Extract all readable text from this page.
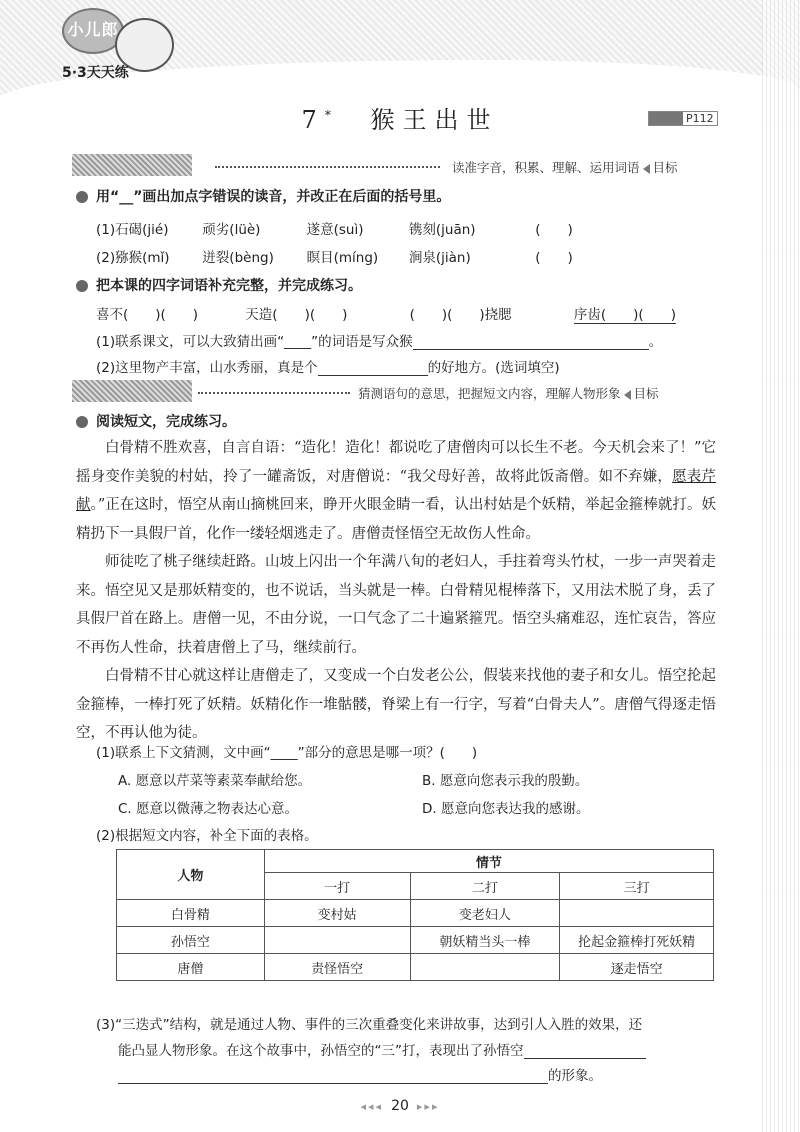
小儿郎
5·3天天练
7* 猴王出世	P112
读准字音，积累、理解、运用词语 目标
用“__”画出加点字错误的读音，并改正在后面的括号里。
(1)石碣(jié)	顽劣(lüè)	遂意(suì)	镌刻(juān)	(　　)
(2)猕猴(mǐ) 迸裂(bèng) 瞑目(míng) 涧泉(jiàn)	(　　)
把本课的四字词语补充完整，并完成练习。
喜不(　　)(　　)	天造(　　)(　　)	(　　)(　　)挠腮	序齿(　　)(　　)
(1)联系课文，可以大致猜出画“____”的词语是写众猴	。
(2)这里物产丰富，山水秀丽，真是个	的好地方。(选词填空)
猜测语句的意思，把握短文内容，理解人物形象 目标
阅读短文，完成练习。

白骨精不胜欢喜，自言自语：“造化！造化！都说吃了唐僧肉可以长生不老。今天机会来了！”它摇身变作美貌的村姑，拎了一罐斋饭，对唐僧说：“我父母好善，故将此饭斋僧。如不弃嫌，愿表芹献。”正在这时，悟空从南山摘桃回来，睁开火眼金睛一看，认出村姑是个妖精，举起金箍棒就打。妖精扔下一具假尸首，化作一缕轻烟逃走了。唐僧责怪悟空无故伤人性命。

师徒吃了桃子继续赶路。山坡上闪出一个年满八旬的老妇人，手拄着弯头竹杖，一步一声哭着走来。悟空见又是那妖精变的，也不说话，当头就是一棒。白骨精见棍棒落下，又用法术脱了身，丢了具假尸首在路上。唐僧一见，不由分说，一口气念了二十遍紧箍咒。悟空头痛难忍，连忙哀告，答应不再伤人性命，扶着唐僧上了马，继续前行。

白骨精不甘心就这样让唐僧走了，又变成一个白发老公公，假装来找他的妻子和女儿。悟空抡起金箍棒，一棒打死了妖精。妖精化作一堆骷髅，脊梁上有一行字，写着“白骨夫人”。唐僧气得逐走悟空，不再认他为徒。

(1)联系上下文猜测，文中画“____”部分的意思是哪一项？(　　)
A. 愿意以芹菜等素菜奉献给您。	B. 愿意向您表示我的殷勤。
C. 愿意以微薄之物表达心意。	D. 愿意向您表达我的感谢。
(2)根据短文内容，补全下面的表格。
人物	情节		
	一打	二打	三打
白骨精	变村姑	变老妇人	
孙悟空		朝妖精当头一棒	抡起金箍棒打死妖精
唐僧	责怪悟空		逐走悟空
(3)“三迭式”结构，就是通过人物、事件的三次重叠变化来讲故事，达到引人入胜的效果，还
能凸显人物形象。在这个故事中，孙悟空的“三”打，表现出了孙悟空
的形象。
◂◂◂ 20 ▸▸▸
